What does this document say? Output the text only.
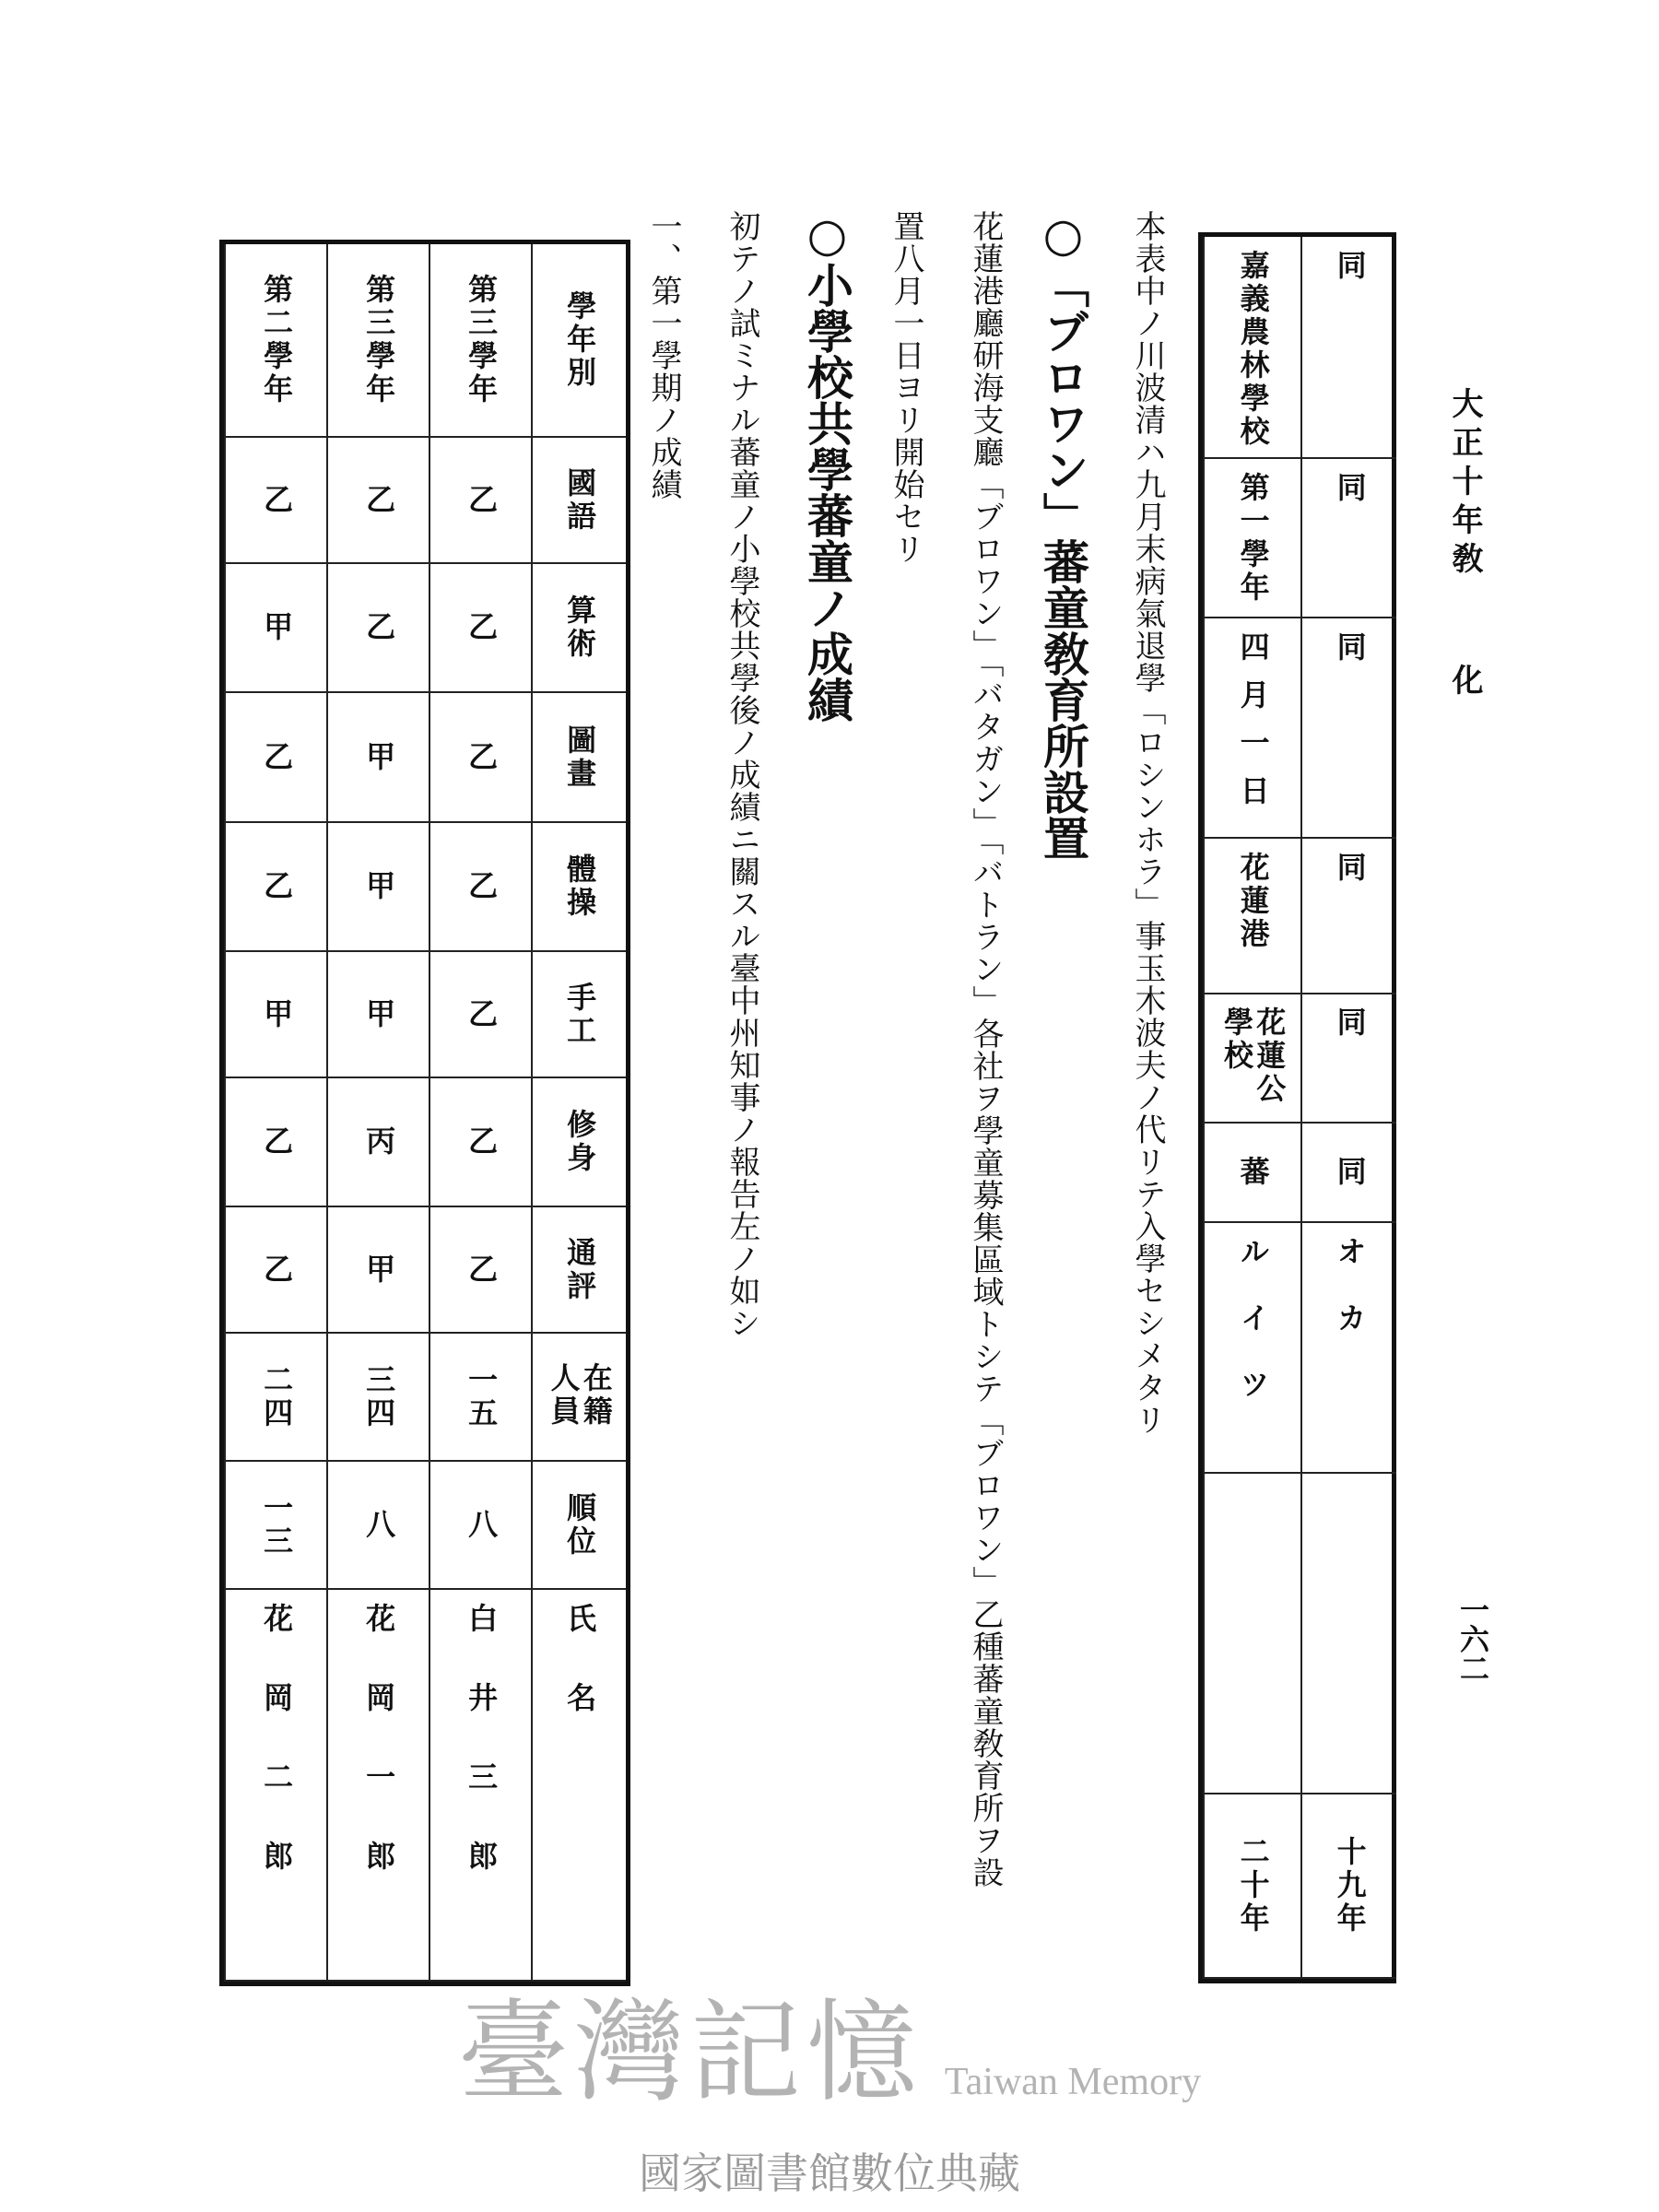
大正十年敎化
一六二
同
同
同
同
同
同
オカ
十九年
嘉義農林學校
第一學年
四月一日
花蓮港
花蓮公學校
蕃
ルイツ
二十年
本表中ノ川波清ハ九月末病氣退學「ロシンホラ」事玉木波夫ノ代リテ入學セシメタリ
○「ブロワン」蕃童敎育所設置
花蓮港廳研海支廳「ブロワン」「バタガン」「バトラン」各社ヲ學童募集區域トシテ「ブロワン」乙種蕃童敎育所ヲ設
置八月一日ヨリ開始セリ
○小學校共學蕃童ノ成績
初テノ試ミナル蕃童ノ小學校共學後ノ成績ニ關スル臺中州知事ノ報告左ノ如シ
一、第一學期ノ成績
學年別
國語
算術
圖畫
體操
手工
修身
通評
在籍人員
順位
氏名
第三學年
乙
乙
乙
乙
乙
乙
乙
一五
八
白井三郎
第三學年
乙
乙
甲
甲
甲
丙
甲
三四
八
花岡一郎
第二學年
乙
甲
乙
乙
甲
乙
乙
二四
一三
花岡二郎
臺灣記憶 Taiwan Memory
國家圖書館數位典藏
